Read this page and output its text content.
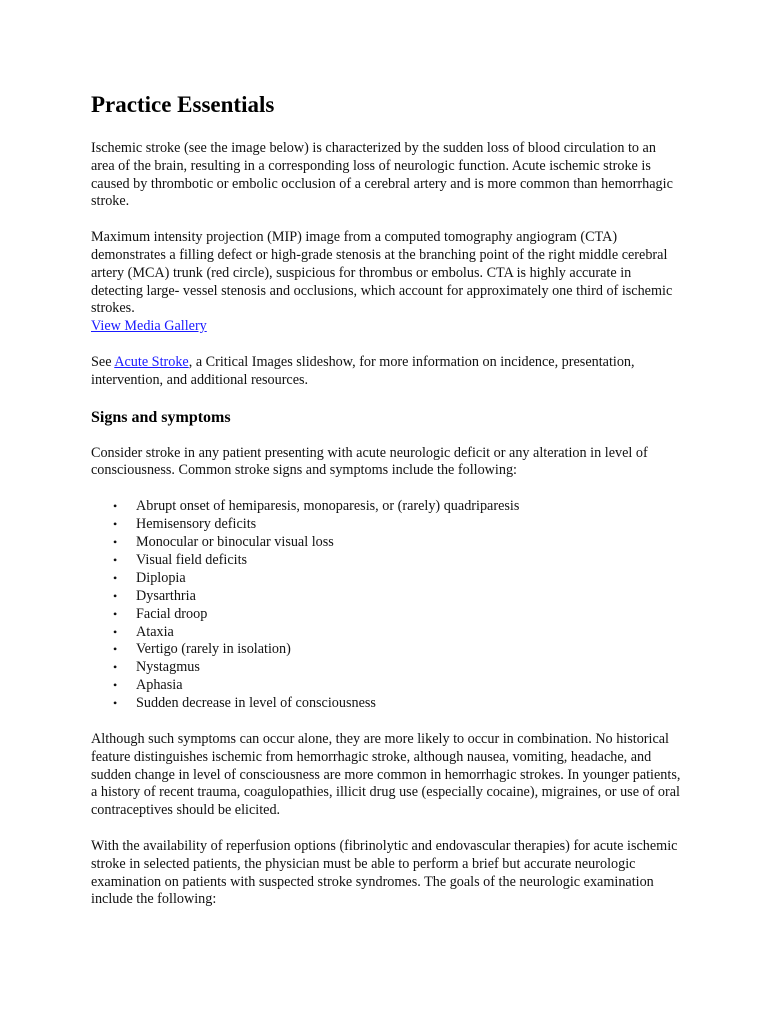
Practice Essentials

Ischemic stroke (see the image below) is characterized by the sudden loss of blood circulation to an area of the brain, resulting in a corresponding loss of neurologic function. Acute ischemic stroke is caused by thrombotic or embolic occlusion of a cerebral artery and is more common than hemorrhagic stroke.

Maximum intensity projection (MIP) image from a computed tomography angiogram (CTA) demonstrates a filling defect or high-grade stenosis at the branching point of the right middle cerebral artery (MCA) trunk (red circle), suspicious for thrombus or embolus. CTA is highly accurate in detecting large- vessel stenosis and occlusions, which account for approximately one third of ischemic strokes.

View Media Gallery

See Acute Stroke, a Critical Images slideshow, for more information on incidence, presentation, intervention, and additional resources.

Signs and symptoms

Consider stroke in any patient presenting with acute neurologic deficit or any alteration in level of consciousness. Common stroke signs and symptoms include the following:

• Abrupt onset of hemiparesis, monoparesis, or (rarely) quadriparesis
• Hemisensory deficits
• Monocular or binocular visual loss
• Visual field deficits
• Diplopia
• Dysarthria
• Facial droop
• Ataxia
• Vertigo (rarely in isolation)
• Nystagmus
• Aphasia
• Sudden decrease in level of consciousness

Although such symptoms can occur alone, they are more likely to occur in combination. No historical feature distinguishes ischemic from hemorrhagic stroke, although nausea, vomiting, headache, and sudden change in level of consciousness are more common in hemorrhagic strokes. In younger patients, a history of recent trauma, coagulopathies, illicit drug use (especially cocaine), migraines, or use of oral contraceptives should be elicited.

With the availability of reperfusion options (fibrinolytic and endovascular therapies) for acute ischemic stroke in selected patients, the physician must be able to perform a brief but accurate neurologic examination on patients with suspected stroke syndromes. The goals of the neurologic examination include the following:
